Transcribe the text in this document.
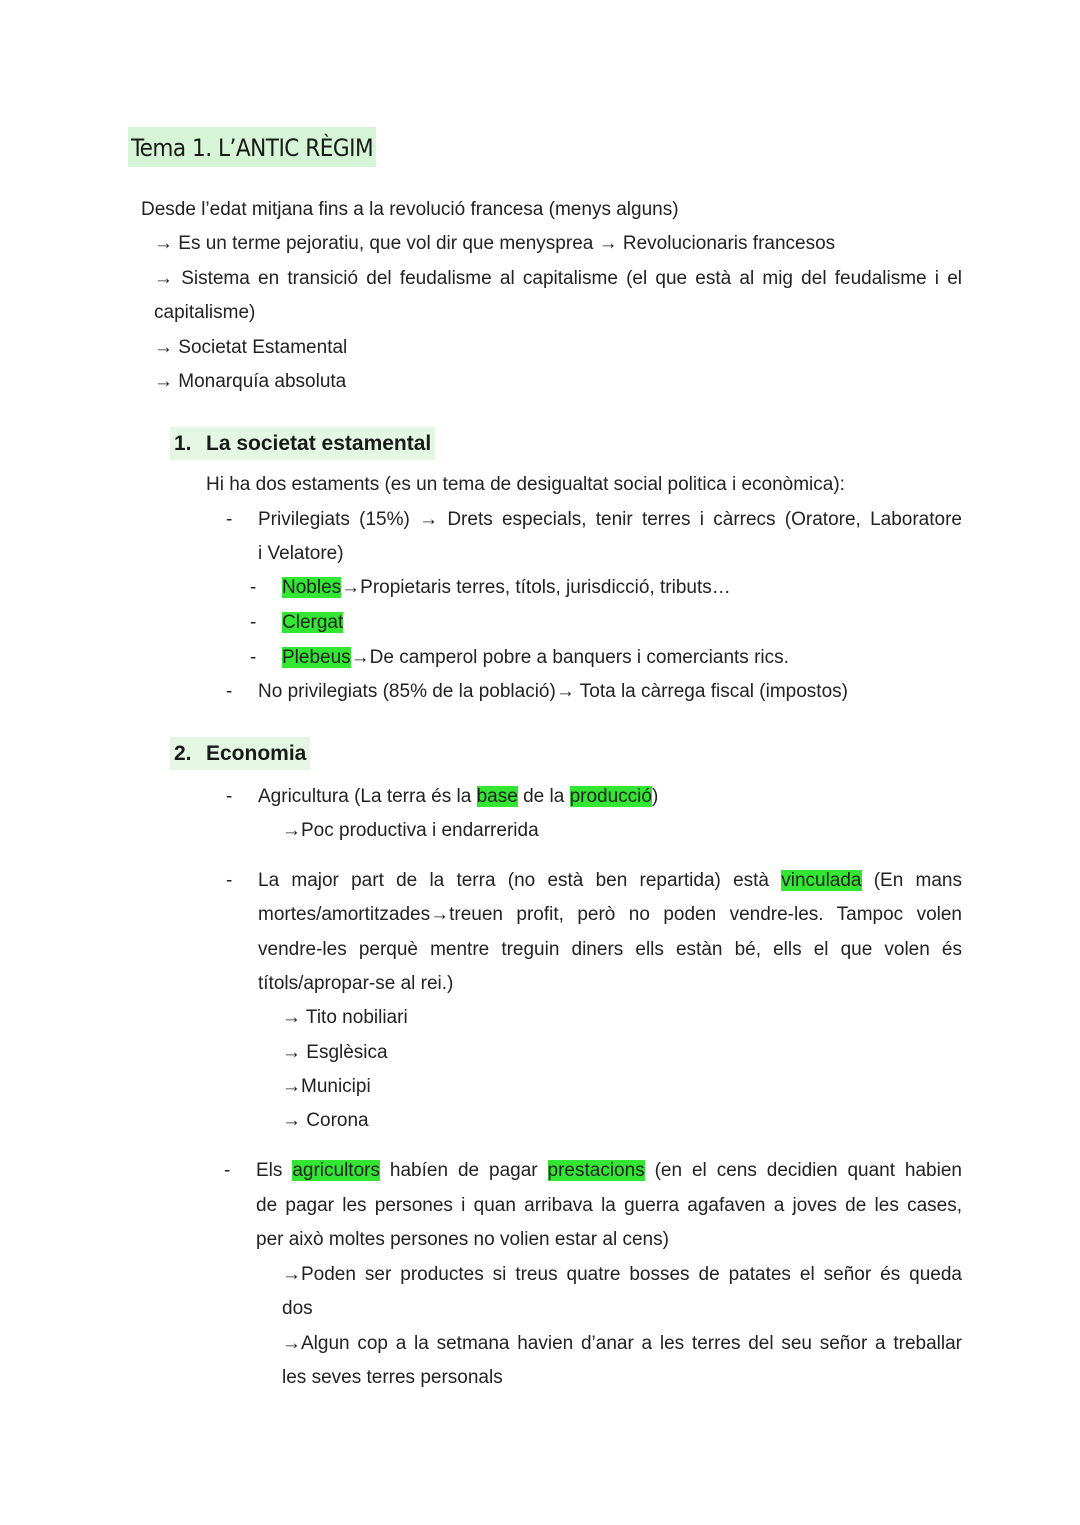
Tema 1. L’ANTIC RÈGIM
Desde l’edat mitjana fins a la revolució francesa (menys alguns)
→ Es un terme pejoratiu, que vol dir que menysprea → Revolucionaris francesos
→ Sistema en transició del feudalisme al capitalisme (el que està al mig del feudalisme i el
capitalisme)
→ Societat Estamental
→ Monarquía absoluta
1. La societat estamental
Hi ha dos estaments (es un tema de desigualtat social politica i econòmica):
- Privilegiats (15%) → Drets especials, tenir terres i càrrecs (Oratore, Laboratore
i Velatore)
- Nobles→Propietaris terres, títols, jurisdicció, tributs…
- Clergat
- Plebeus→De camperol pobre a banquers i comerciants rics.
- No privilegiats (85% de la població)→ Tota la càrrega fiscal (impostos)
2. Economia
- Agricultura (La terra és la base de la producció)
→Poc productiva i endarrerida
- La major part de la terra (no està ben repartida) està vinculada (En mans
mortes/amortitzades→treuen profit, però no poden vendre-les. Tampoc volen
vendre-les perquè mentre treguin diners ells estàn bé, ells el que volen és
títols/apropar-se al rei.)
→ Tito nobiliari
→ Esglèsica
→Municipi
→ Corona
- Els agricultors habíen de pagar prestacions (en el cens decidien quant habien
de pagar les persones i quan arribava la guerra agafaven a joves de les cases,
per això moltes persones no volien estar al cens)
→Poden ser productes si treus quatre bosses de patates el señor és queda
dos
→Algun cop a la setmana havien d’anar a les terres del seu señor a treballar
les seves terres personals
